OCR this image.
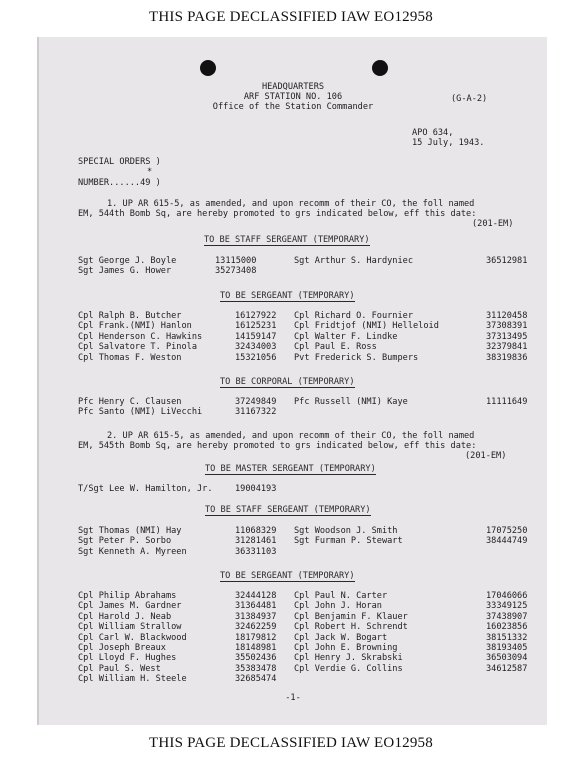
THIS PAGE DECLASSIFIED IAW EO12958
HEADQUARTERS
ARF STATION NO. 106
Office of the Station Commander
(G-A-2)
APO 634,
15 July, 1943.
SPECIAL ORDERS )
*
NUMBER......49 )
1. UP AR 615-5, as amended, and upon recomm of their CO, the foll named
EM, 544th Bomb Sq, are hereby promoted to grs indicated below, eff this date:
(201-EM)
TO BE STAFF SERGEANT (TEMPORARY)
Sgt George J. Boyle	13115000	Sgt Arthur S. Hardyniec	36512981
Sgt James G. Hower	35273408
TO BE SERGEANT (TEMPORARY)
Cpl Ralph B. Butcher	16127922 Cpl Richard O. Fournier	31120458
Cpl Frank.(NMI) Hanlon	16125231 Cpl Fridtjof (NMI) Helleloid	37308391
Cpl Henderson C. Hawkins	14159147 Cpl Walter F. Lindke	37313495
Cpl Salvatore T. Pinola	32434003 Cpl Paul E. Ross	32379841
Cpl Thomas F. Weston	15321056 Pvt Frederick S. Bumpers	38319836
TO BE CORPORAL (TEMPORARY)
Pfc Henry C. Clausen	37249849 Pfc Russell (NMI) Kaye	11111649
Pfc Santo (NMI) LiVecchi	31167322
2. UP AR 615-5, as amended, and upon recomm of their CO, the foll named
EM, 545th Bomb Sq, are hereby promoted to grs indicated below, eff this date:
(201-EM)
TO BE MASTER SERGEANT (TEMPORARY)
T/Sgt Lee W. Hamilton, Jr.	19004193
TO BE STAFF SERGEANT (TEMPORARY)
Sgt Thomas (NMI) Hay	11068329 Sgt Woodson J. Smith	17075250
Sgt Peter P. Sorbo	31281461 Sgt Furman P. Stewart	38444749
Sgt Kenneth A. Myreen	36331103
TO BE SERGEANT (TEMPORARY)
Cpl Philip Abrahams	32444128 Cpl Paul N. Carter	17046066
Cpl James M. Gardner	31364481 Cpl John J. Horan	33349125
Cpl Harold J. Neab	31384937 Cpl Benjamin F. Klauer	37438907
Cpl William Strallow	32462259 Cpl Robert H. Schrendt	16023856
Cpl Carl W. Blackwood	18179812 Cpl Jack W. Bogart	38151332
Cpl Joseph Breaux	18148981 Cpl John E. Browning	38193405
Cpl Lloyd F. Hughes	35502436 Cpl Henry J. Skrabski	36503094
Cpl Paul S. West	35383478 Cpl Verdie G. Collins	34612587
Cpl William H. Steele	32685474
-1-
THIS PAGE DECLASSIFIED IAW EO12958
